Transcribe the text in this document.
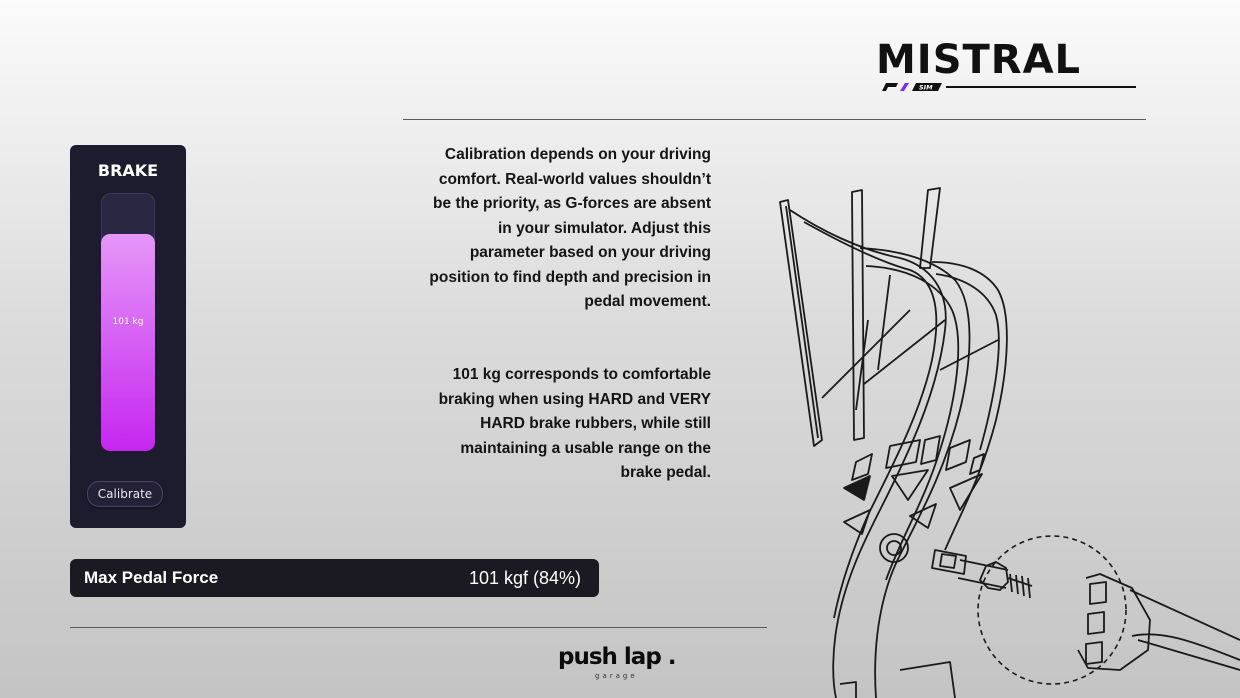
MISTRAL
SIM
BRAKE
101 kg
Calibrate
Calibration depends on your driving
comfort. Real-world values shouldn’t
be the priority, as G-forces are absent
in your simulator. Adjust this
parameter based on your driving
position to find depth and precision in
pedal movement.
101 kg corresponds to comfortable
braking when using HARD and VERY
HARD brake rubbers, while still
maintaining a usable range on the
brake pedal.
Max Pedal Force	101 kgf (84%)
push lap .
garage
